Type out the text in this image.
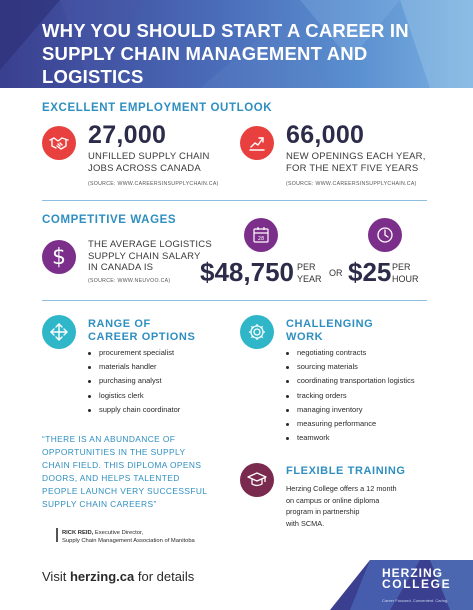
WHY YOU SHOULD START A CAREER IN
SUPPLY CHAIN MANAGEMENT AND LOGISTICS
EXCELLENT EMPLOYMENT OUTLOOK
27,000
UNFILLED SUPPLY CHAIN
JOBS ACROSS CANADA
(SOURCE: WWW.CAREERSINSUPPLYCHAIN.CA)
66,000
NEW OPENINGS EACH YEAR,
FOR THE NEXT FIVE YEARS
(SOURCE: WWW.CAREERSINSUPPLYCHAIN.CA)
COMPETITIVE WAGES
$ THE AVERAGE LOGISTICS
SUPPLY CHAIN SALARY
IN CANADA IS
(SOURCE: WWW.NEUVOO.CA)
28
$48,750 PER
YEAR
OR $25 PER
HOUR
RANGE OF
CAREER OPTIONS
procurement specialist
materials handler
purchasing analyst
logistics clerk
supply chain coordinator
CHALLENGING
WORK
negotiating contracts
sourcing materials
coordinating transportation logistics
tracking orders
managing inventory
measuring performance
teamwork
“THERE IS AN ABUNDANCE OF
OPPORTUNITIES IN THE SUPPLY
CHAIN FIELD. THIS DIPLOMA OPENS
DOORS, AND HELPS TALENTED
PEOPLE LAUNCH VERY SUCCESSFUL
SUPPLY CHAIN CAREERS”
RICK REID, Executive Director,
Supply Chain Management Association of Manitoba
FLEXIBLE TRAINING
Herzing College offers a 12 month
on campus or online diploma
program in partnership
with SCMA.
Visit herzing.ca for details	HERZING
COLLEGE
Career Focused. Convenient. Caring.
